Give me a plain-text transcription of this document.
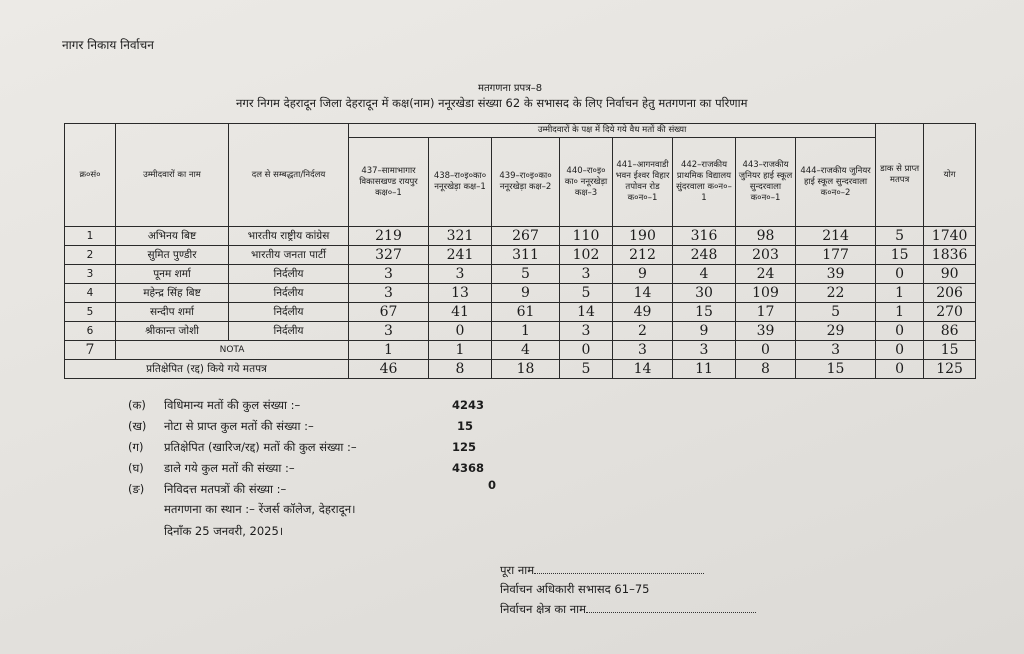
नागर निकाय निर्वाचन
मतगणना प्रपत्र–8
नगर निगम देहरादून जिला देहरादून में कक्ष(नाम) ननूरखेडा संख्या 62 के सभासद के लिए निर्वाचन हेतु मतगणना का परिणाम
क्र०सं०	उम्मीदवारों का नाम	दल से सम्बद्धता/निर्दलय	उम्मीदवारों के पक्ष में दिये गये वैध मतों की संख्या								डाक से प्राप्त मतपत्र	योग
			437–सामाभागार विकासखण्ड रायपुर कक्ष०–1	438–रा०इ०का० ननूरखेड़ा कक्ष–1	439–रा०इ०का० ननूरखेड़ा कक्ष–2	440–रा०इ० का० ननूरखेड़ा कक्ष–3	441–आगनवाडी भवन ईश्वर विहार तपोवन रोड क०न०–1	442–राजकीय प्राथमिक विद्यालय सुंदरवाला क०न०–1	443–राजकीय जुनियर हाई स्कूल सुन्दरवाला क०न०–1	444–राजकीय जुनियर हाई स्कूल सुन्दरवाला क०न०–2		
1	अभिनय बिष्ट	भारतीय राष्ट्रीय कांग्रेस	219	321	267	110	190	316	98	214	5	1740
2	सुमित पुण्डीर	भारतीय जनता पार्टी	327	241	311	102	212	248	203	177	15	1836
3	पूनम शर्मा	निर्दलीय	3	3	5	3	9	4	24	39	0	90
4	महेन्द्र सिंह बिष्ट	निर्दलीय	3	13	9	5	14	30	109	22	1	206
5	सन्दीप शर्मा	निर्दलीय	67	41	61	14	49	15	17	5	1	270
6	श्रीकान्त जोशी	निर्दलीय	3	0	1	3	2	9	39	29	0	86
7	NOTA		1	1	4	0	3	3	0	3	0	15
प्रतिक्षेपित (रद्द) किये गये मतपत्र			46	8	18	5	14	11	8	15	0	125
(क)	विधिमान्य मतों की कुल संख्या :–	4243
(ख)	नोटा से प्राप्त कुल मतों की संख्या :–	15
(ग)	प्रतिक्षेपित (खारिज/रद्द) मतों की कुल संख्या :–	125
(घ)	डाले गये कुल मतों की संख्या :–	4368
(ङ)	निविदत्त मतपत्रों की संख्या :–	0
मतगणना का स्थान :– रेंजर्स कॉलेज, देहरादून।
दिनाँक 25 जनवरी, 2025।
पूरा नाम
निर्वाचन अधिकारी सभासद 61–75
निर्वाचन क्षेत्र का नाम
